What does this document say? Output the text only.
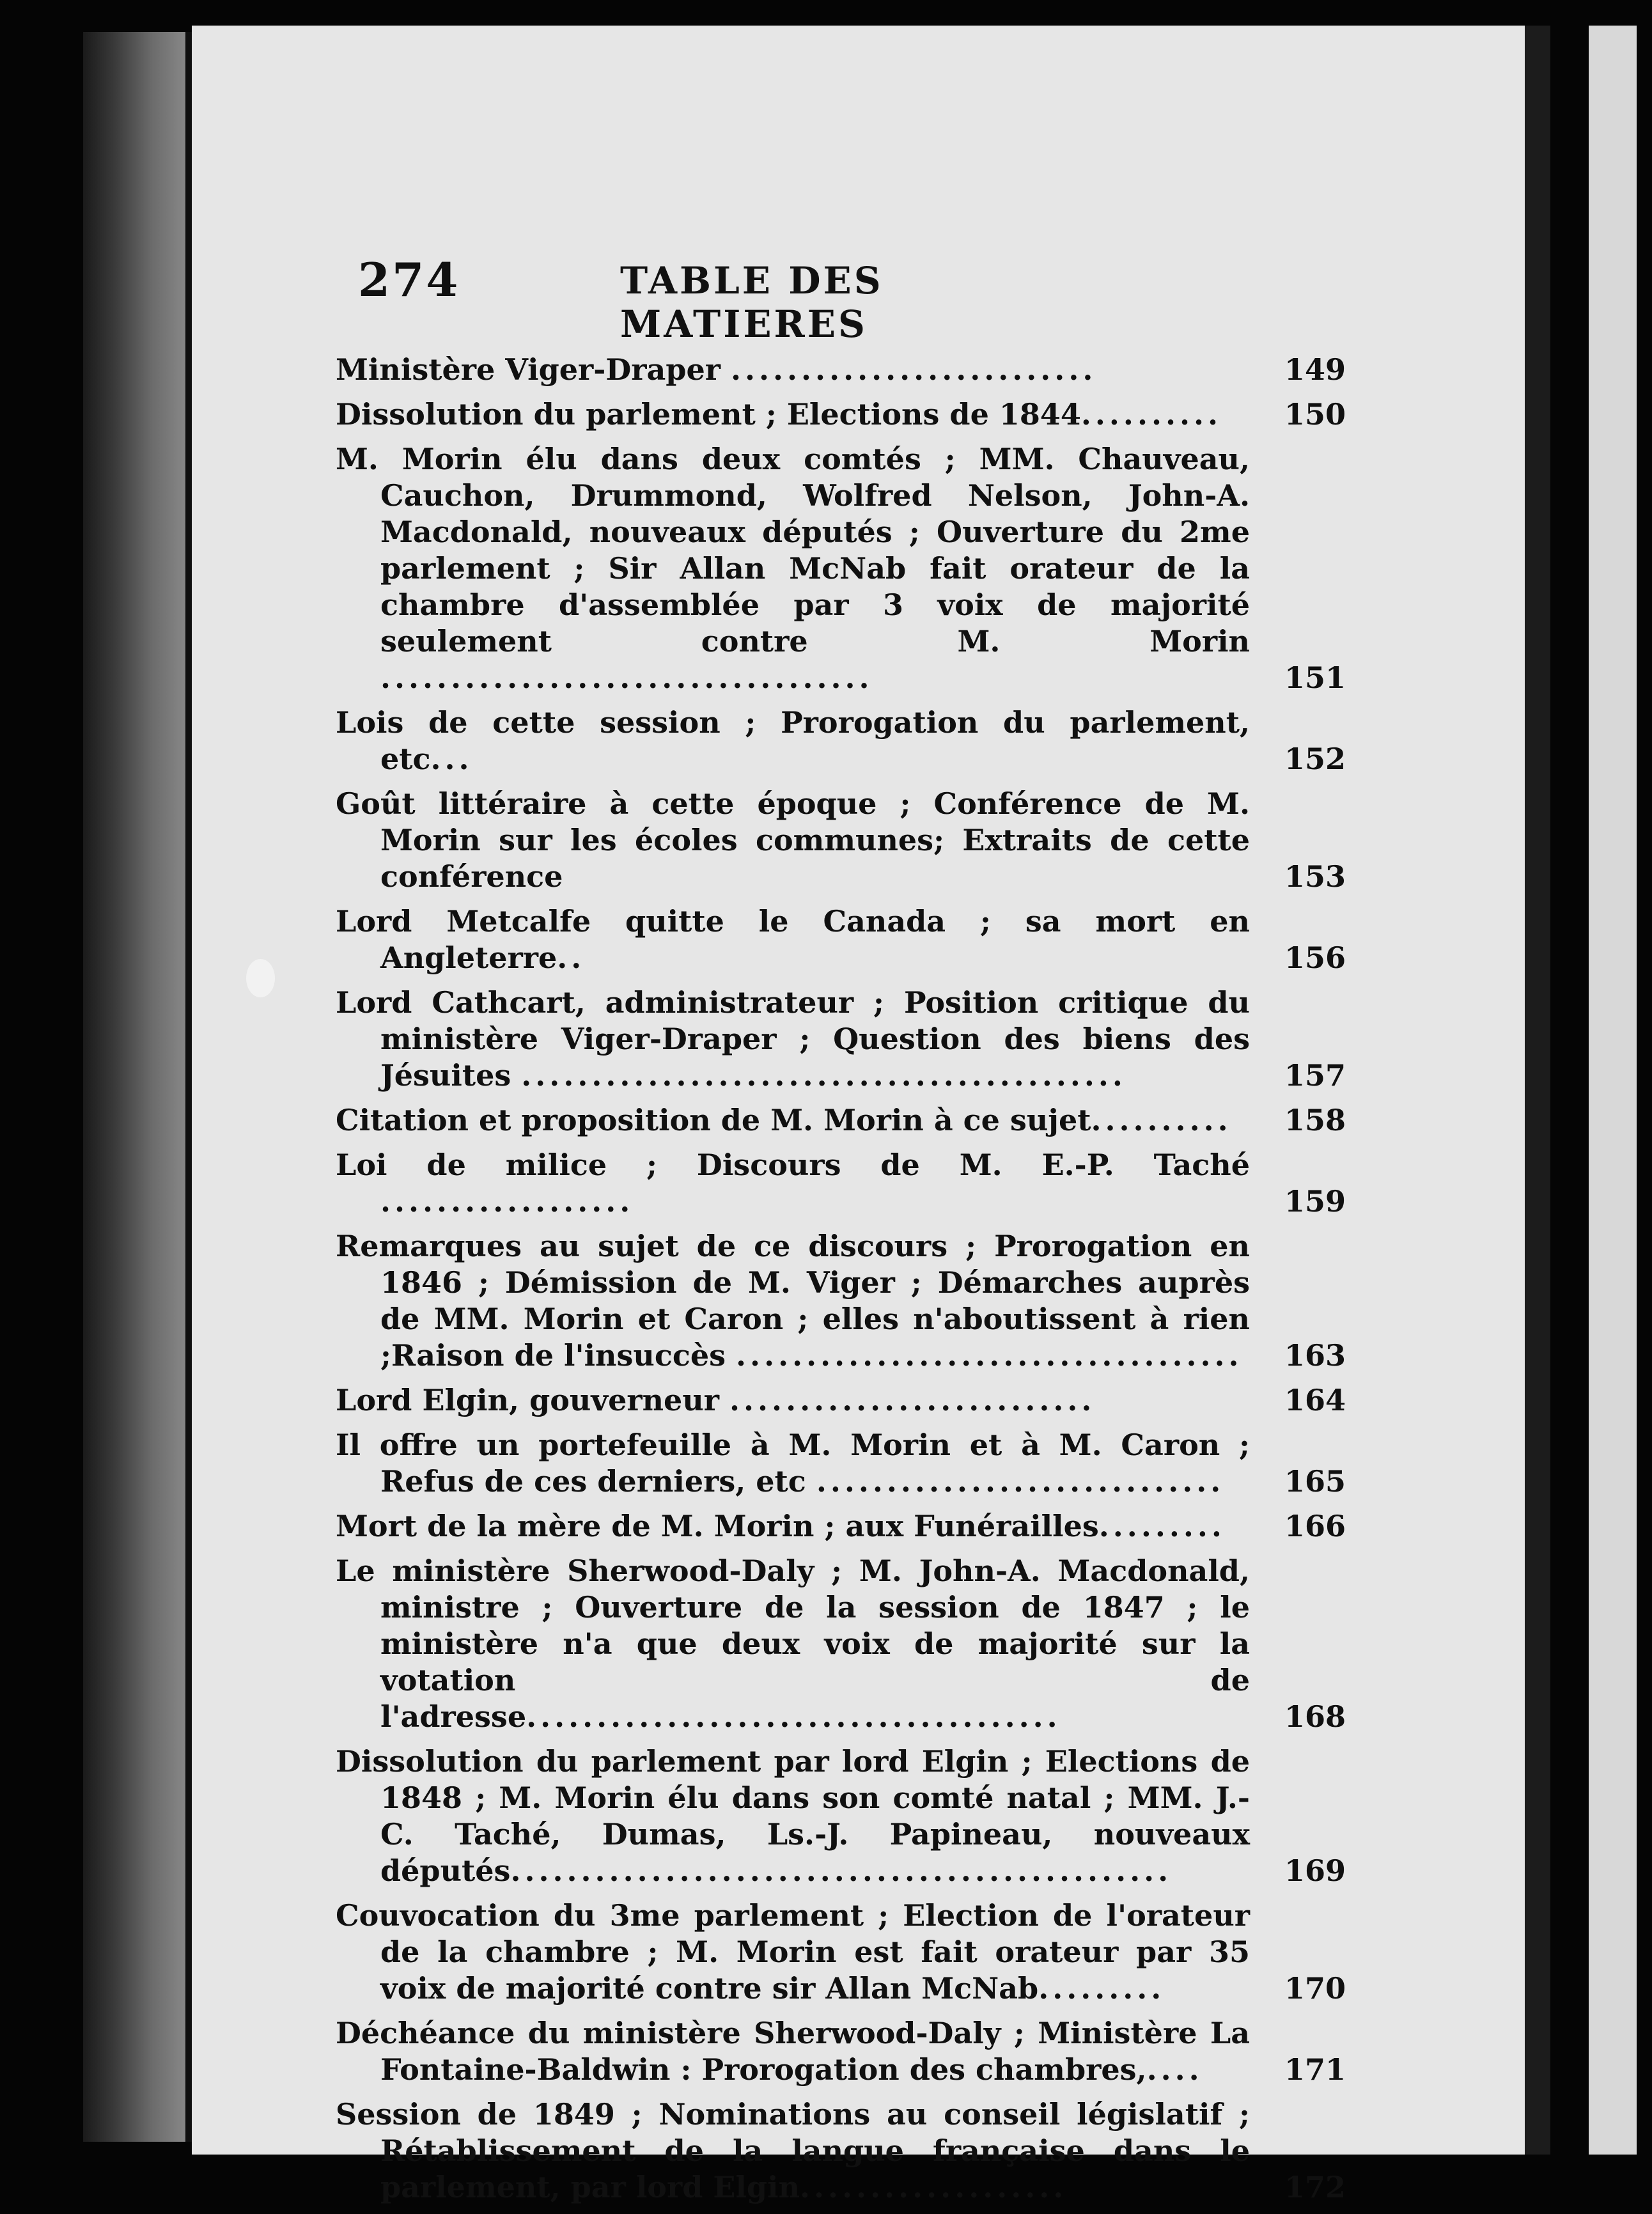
274	TABLE DES MATIERES
Ministère Viger-Draper ..........................	149
Dissolution du parlement ; Elections de 1844..........	150
M. Morin élu dans deux comtés ; MM. Chauveau, Cauchon, Drummond, Wolfred Nelson, John-A. Macdonald, nouveaux députés ; Ouverture du 2me parlement ; Sir Allan McNab fait orateur de la chambre d'assemblée par 3 voix de majorité seulement contre M. Morin ...................................	151
Lois de cette session ; Prorogation du parlement, etc...	152
Goût littéraire à cette époque ; Conférence de M. Morin sur les écoles communes; Extraits de cette conférence	153
Lord Metcalfe quitte le Canada ; sa mort en Angleterre..	156
Lord Cathcart, administrateur ; Position critique du ministère Viger-Draper ; Question des biens des Jésuites ...........................................	157
Citation et proposition de M. Morin à ce sujet..........	158
Loi de milice ; Discours de M. E.-P. Taché ..................	159
Remarques au sujet de ce discours ; Prorogation en 1846 ; Démission de M. Viger ; Démarches auprès de MM. Morin et Caron ; elles n'aboutissent à rien ;Raison de l'insuccès ....................................	163
Lord Elgin, gouverneur ..........................	164
Il offre un portefeuille à M. Morin et à M. Caron ; Refus de ces derniers, etc .............................	165
Mort de la mère de M. Morin ; aux Funérailles.........	166
Le ministère Sherwood-Daly ; M. John-A. Macdonald, ministre ; Ouverture de la session de 1847 ; le ministère n'a que deux voix de majorité sur la votation de l'adresse......................................	168
Dissolution du parlement par lord Elgin ; Elections de 1848 ; M. Morin élu dans son comté natal ; MM. J.-C. Taché, Dumas, Ls.-J. Papineau, nouveaux députés...............................................	169
Couvocation du 3me parlement ; Election de l'orateur de la chambre ; M. Morin est fait orateur par 35 voix de majorité contre sir Allan McNab.........	170
Déchéance du ministère Sherwood-Daly ; Ministère La Fontaine-Baldwin : Prorogation des chambres,....	171
Session de 1849 ; Nominations au conseil législatif ; Rétablissement de la langue française dans le parlement, par lord Elgin...................	172
